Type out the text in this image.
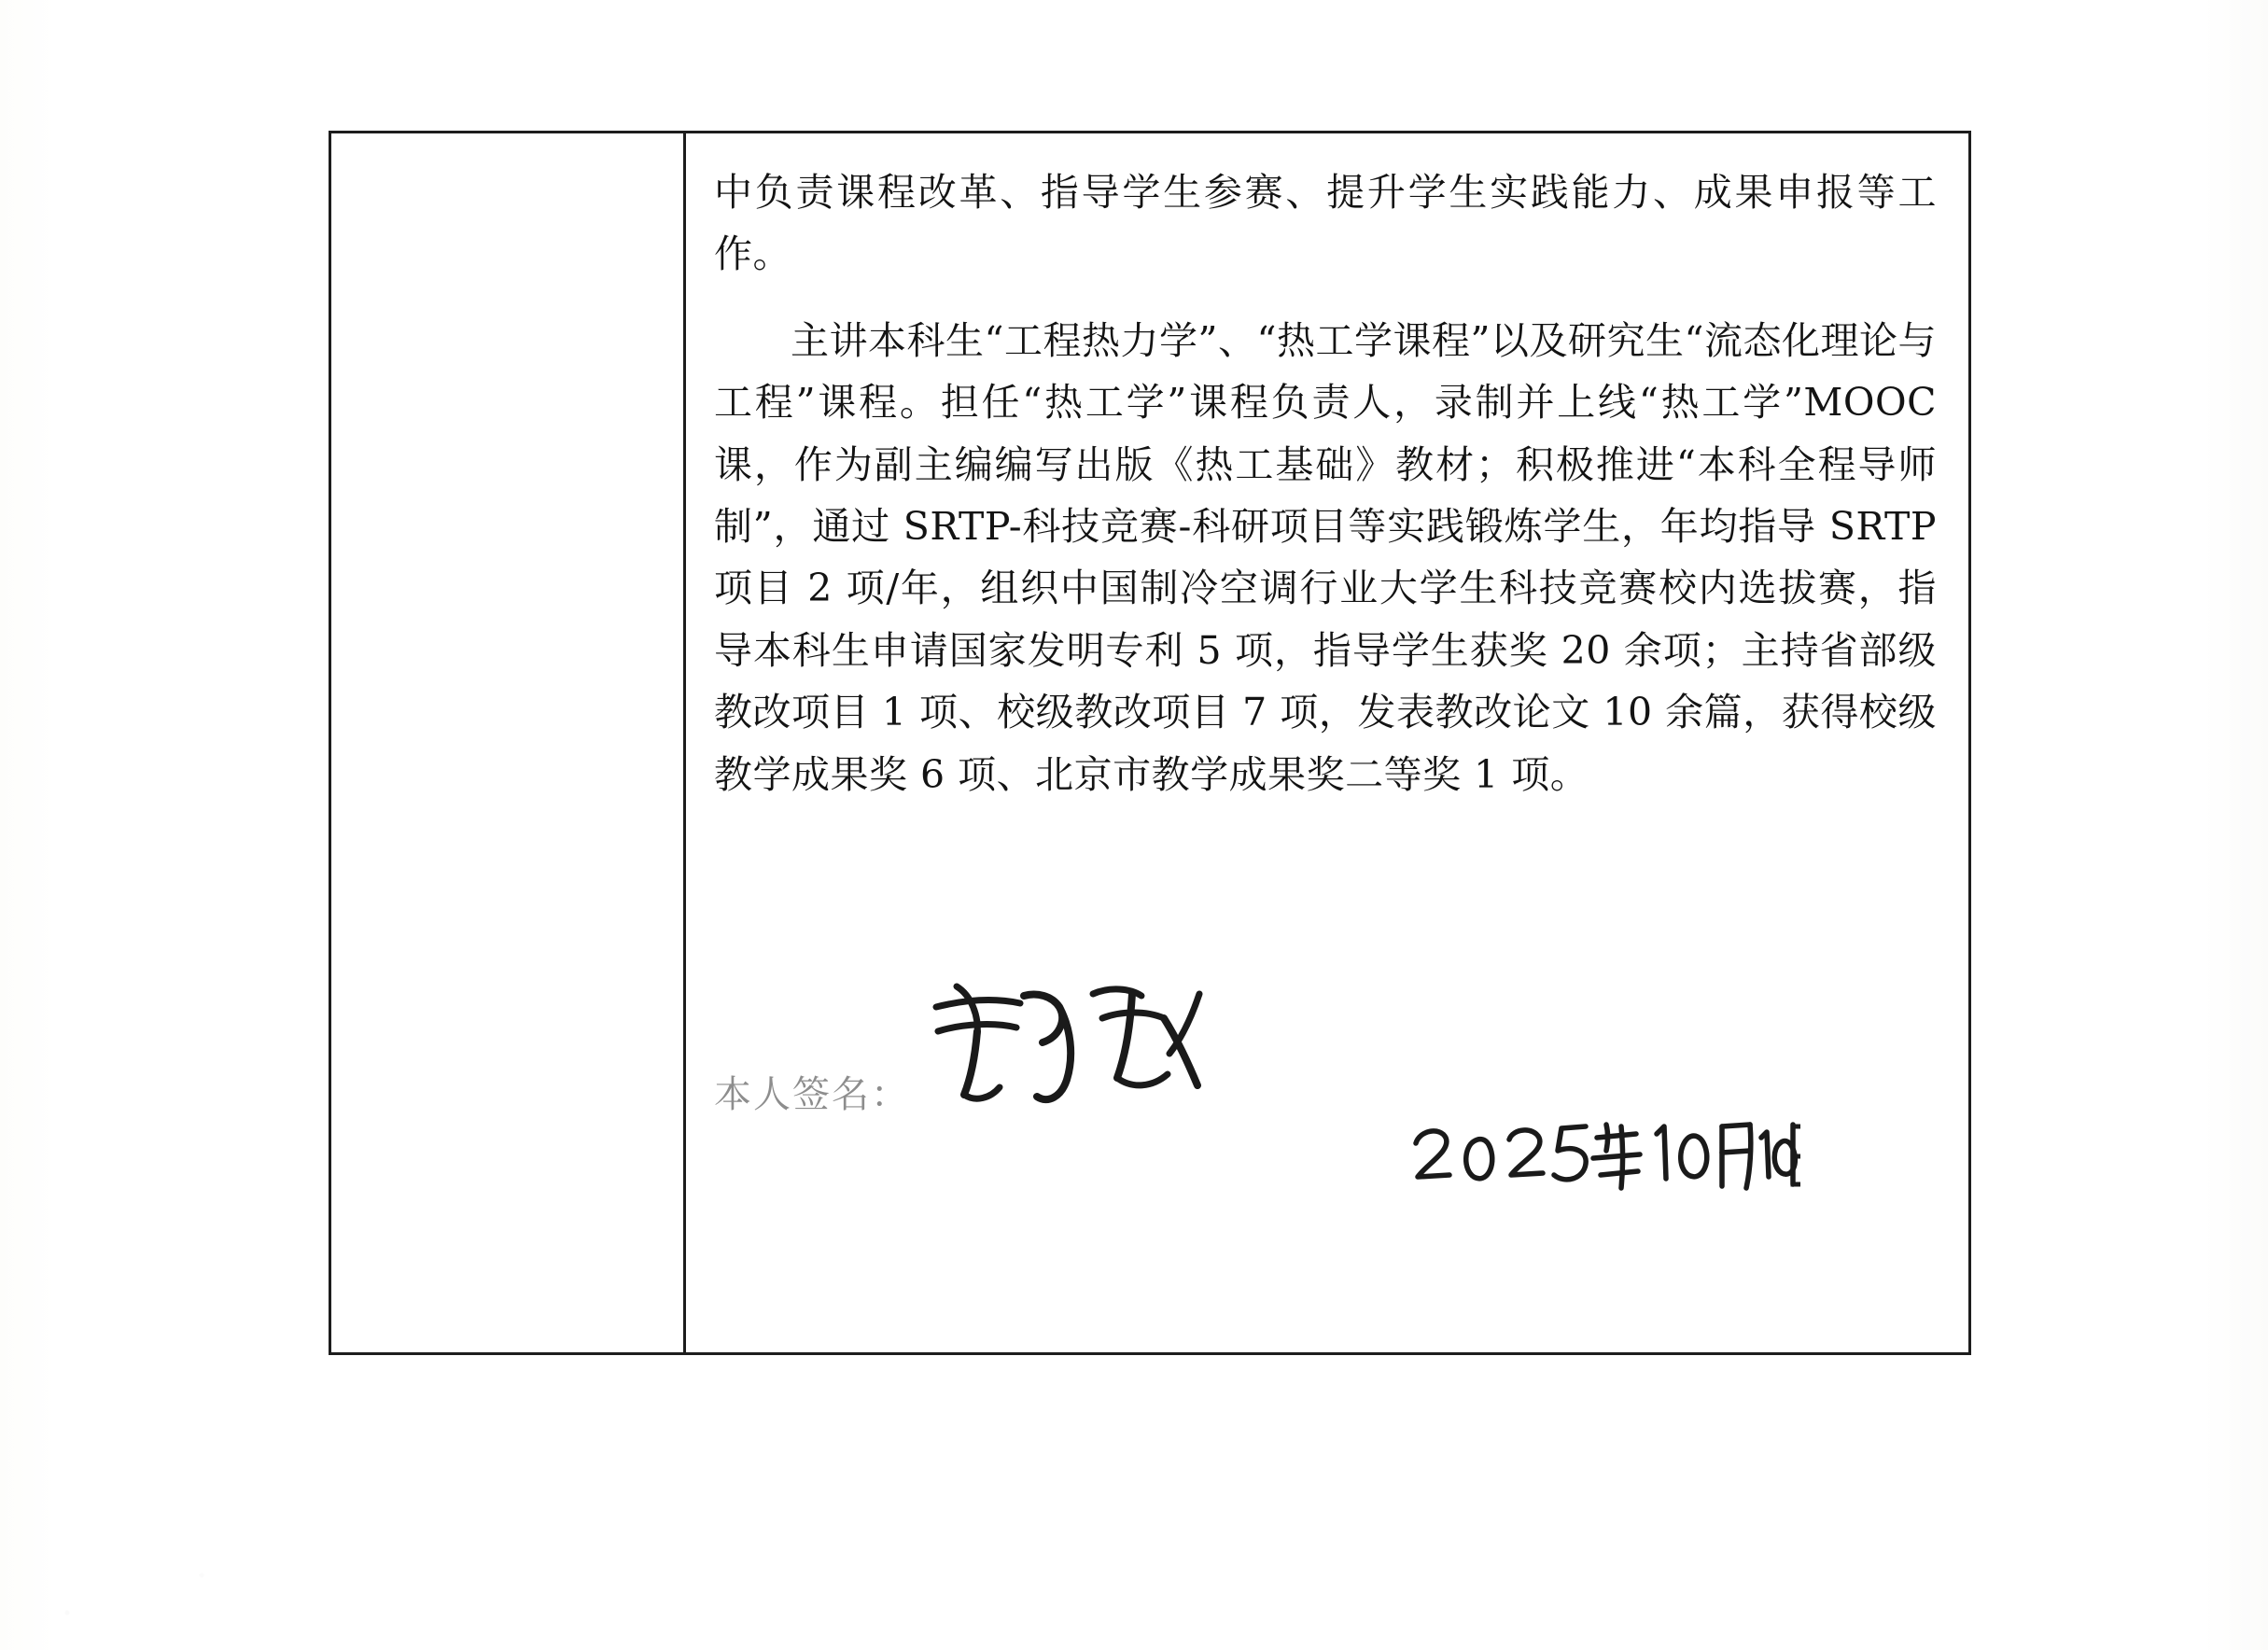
中负责课程改革、指导学生参赛、提升学生实践能力、成果申报等工作。

主讲本科生“工程热力学”、“热工学课程”以及研究生“流态化理论与工程”课程。担任“热工学”课程负责人，录制并上线“热工学”MOOC 课，作为副主编编写出版《热工基础》教材；积极推进“本科全程导师制”，通过 SRTP-科技竞赛-科研项目等实践锻炼学生，年均指导 SRTP 项目 2 项/年，组织中国制冷空调行业大学生科技竞赛校内选拔赛，指导本科生申请国家发明专利 5 项，指导学生获奖 20 余项；主持省部级教改项目 1 项、校级教改项目 7 项，发表教改论文 10 余篇，获得校级教学成果奖 6 项、北京市教学成果奖二等奖 1 项。

本人签名：
